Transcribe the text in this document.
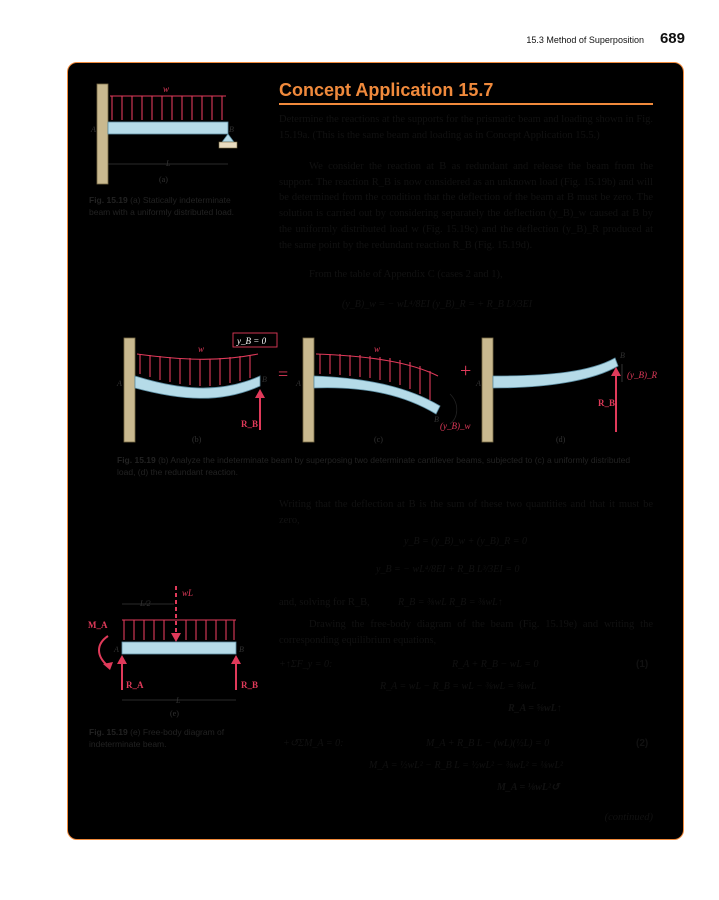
15.3 Method of Superposition 689
Concept Application 15.7
Determine the reactions at the supports for the prismatic beam and loading shown in Fig. 15.19a. (This is the same beam and loading as in Concept Application 15.5.)
We consider the reaction at B as redundant and release the beam from the support. The reaction R_B is now considered as an unknown load (Fig. 15.19b) and will be determined from the condition that the deflection of the beam at B must be zero. The solution is carried out by considering separately the deflection (y_B)_w caused at B by the uniformly distributed load w (Fig. 15.19c) and the deflection (y_B)_R produced at the same point by the redundant reaction R_B (Fig. 15.19d).
From the table of Appendix C (cases 2 and 1),
(y_B)_w = − wL⁴/8EI (y_B)_R = + R_B L³/3EI
w
A	B
L
(a)
Fig. 15.19 (a) Statically indeterminate beam with a uniformly distributed load.
w
A	B
R_B
y_B = 0
=
(b)
w
A
B
(y_B)_w
+
(c)
A
B
(y_B)_R
R_B
(d)
Fig. 15.19 (b) Analyze the indeterminate beam by superposing two determinate cantilever beams, subjected to (c) a uniformly distributed load, (d) the redundant reaction.
Writing that the deflection at B is the sum of these two quantities and that it must be zero,
y_B = (y_B)_w + (y_B)_R = 0
y_B = − wL⁴/8EI + R_B L³/3EI = 0
and, solving for R_B,	R_B = ⅜wL R_B = ⅜wL↑
Drawing the free-body diagram of the beam (Fig. 15.19e) and writing the corresponding equilibrium equations,
+↑ΣF_y = 0:	R_A + R_B − wL = 0	(1)
R_A = wL − R_B = wL − ⅜wL = ⅝wL
R_A = ⅝wL↑
+↺ΣM_A = 0:	M_A + R_B L − (wL)(½L) = 0	(2)
M_A = ½wL² − R_B L = ½wL² − ⅜wL² = ⅛wL²
M_A = ⅛wL²↺
(continued)
wL
L/2
A	B
M_A
R_A	R_B
L
(e)
Fig. 15.19 (e) Free-body diagram of indeterminate beam.
